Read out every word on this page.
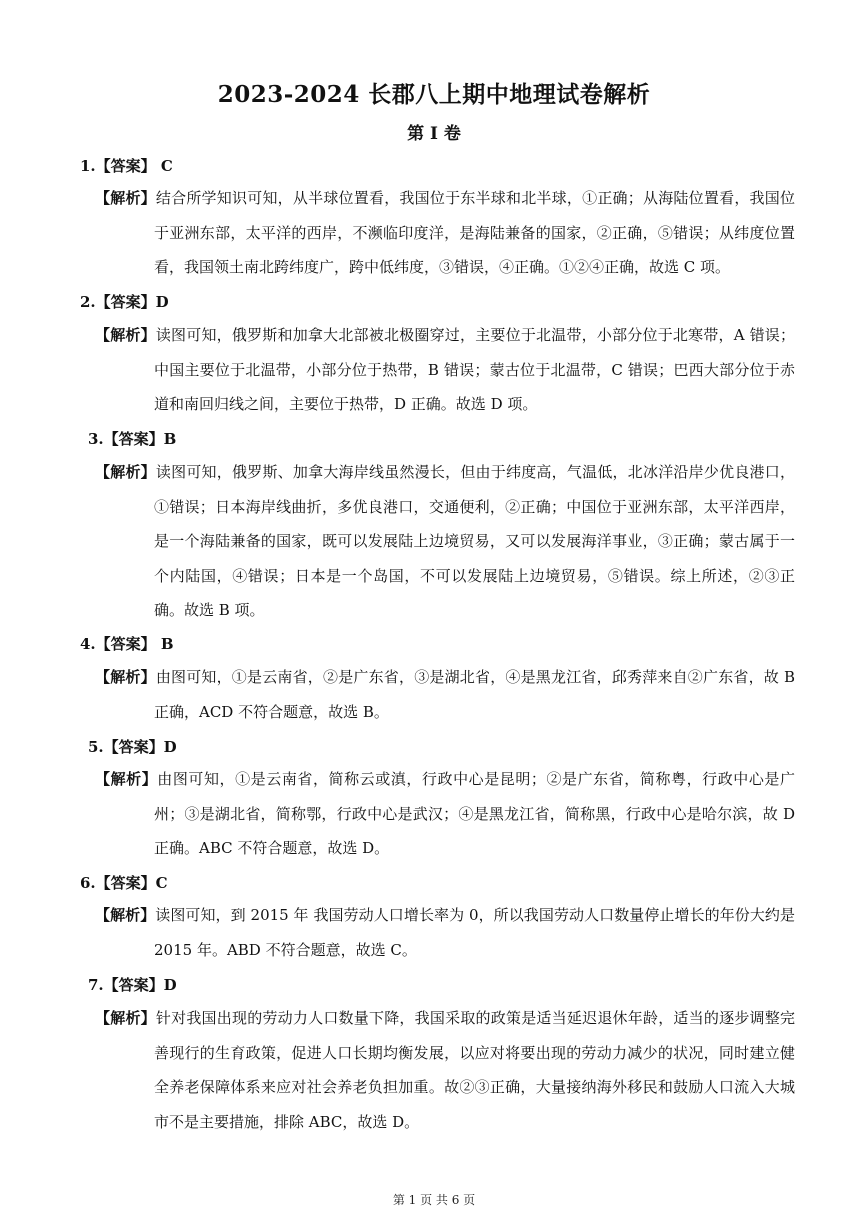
2023-2024 长郡八上期中地理试卷解析
第 I 卷
1.【答案】 C

【解析】结合所学知识可知，从半球位置看，我国位于东半球和北半球，①正确；从海陆位置看，我国位于亚洲东部，太平洋的西岸，不濒临印度洋，是海陆兼备的国家，②正确，⑤错误；从纬度位置看，我国领土南北跨纬度广，跨中低纬度，③错误，④正确。①②④正确，故选 C 项。

2.【答案】D

【解析】读图可知，俄罗斯和加拿大北部被北极圈穿过，主要位于北温带，小部分位于北寒带，A 错误；中国主要位于北温带，小部分位于热带，B 错误；蒙古位于北温带，C 错误；巴西大部分位于赤道和南回归线之间，主要位于热带，D 正确。故选 D 项。

3.【答案】B

【解析】读图可知，俄罗斯、加拿大海岸线虽然漫长，但由于纬度高，气温低，北冰洋沿岸少优良港口，①错误；日本海岸线曲折，多优良港口，交通便利，②正确；中国位于亚洲东部，太平洋西岸，是一个海陆兼备的国家，既可以发展陆上边境贸易，又可以发展海洋事业，③正确；蒙古属于一个内陆国，④错误；日本是一个岛国，不可以发展陆上边境贸易，⑤错误。综上所述，②③正确。故选 B 项。

4.【答案】 B

【解析】由图可知，①是云南省，②是广东省，③是湖北省，④是黑龙江省，邱秀萍来自②广东省，故 B 正确，ACD 不符合题意，故选 B。

5.【答案】D

【解析】由图可知，①是云南省，简称云或滇，行政中心是昆明；②是广东省，简称粤，行政中心是广州；③是湖北省，简称鄂，行政中心是武汉；④是黑龙江省，简称黑，行政中心是哈尔滨，故 D 正确。ABC 不符合题意，故选 D。

6.【答案】C

【解析】读图可知，到 2015 年 我国劳动人口增长率为 0，所以我国劳动人口数量停止增长的年份大约是 2015 年。ABD 不符合题意，故选 C。

7.【答案】D

【解析】针对我国出现的劳动力人口数量下降，我国采取的政策是适当延迟退休年龄，适当的逐步调整完善现行的生育政策，促进人口长期均衡发展，以应对将要出现的劳动力减少的状况，同时建立健全养老保障体系来应对社会养老负担加重。故②③正确，大量接纳海外移民和鼓励人口流入大城市不是主要措施，排除 ABC，故选 D。

第 1 页 共 6 页
